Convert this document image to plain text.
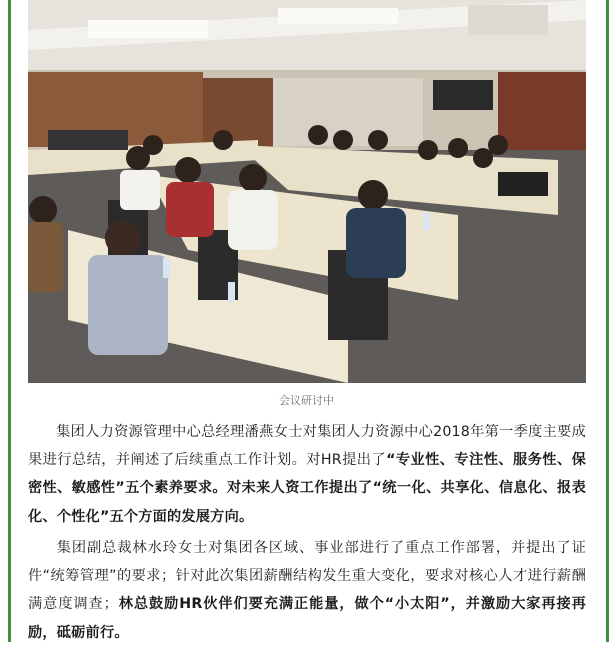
会议研讨中

集团人力资源管理中心总经理潘燕女士对集团人力资源中心2018年第一季度主要成果进行总结，并阐述了后续重点工作计划。对HR提出了“专业性、专注性、服务性、保密性、敏感性”五个素养要求。对未来人资工作提出了“统一化、共享化、信息化、报表化、个性化”五个方面的发展方向。

集团副总裁林水玲女士对集团各区域、事业部进行了重点工作部署，并提出了证件“统筹管理”的要求；针对此次集团薪酬结构发生重大变化，要求对核心人才进行薪酬满意度调查；林总鼓励HR伙伴们要充满正能量，做个“小太阳”，并激励大家再接再励，砥砺前行。
